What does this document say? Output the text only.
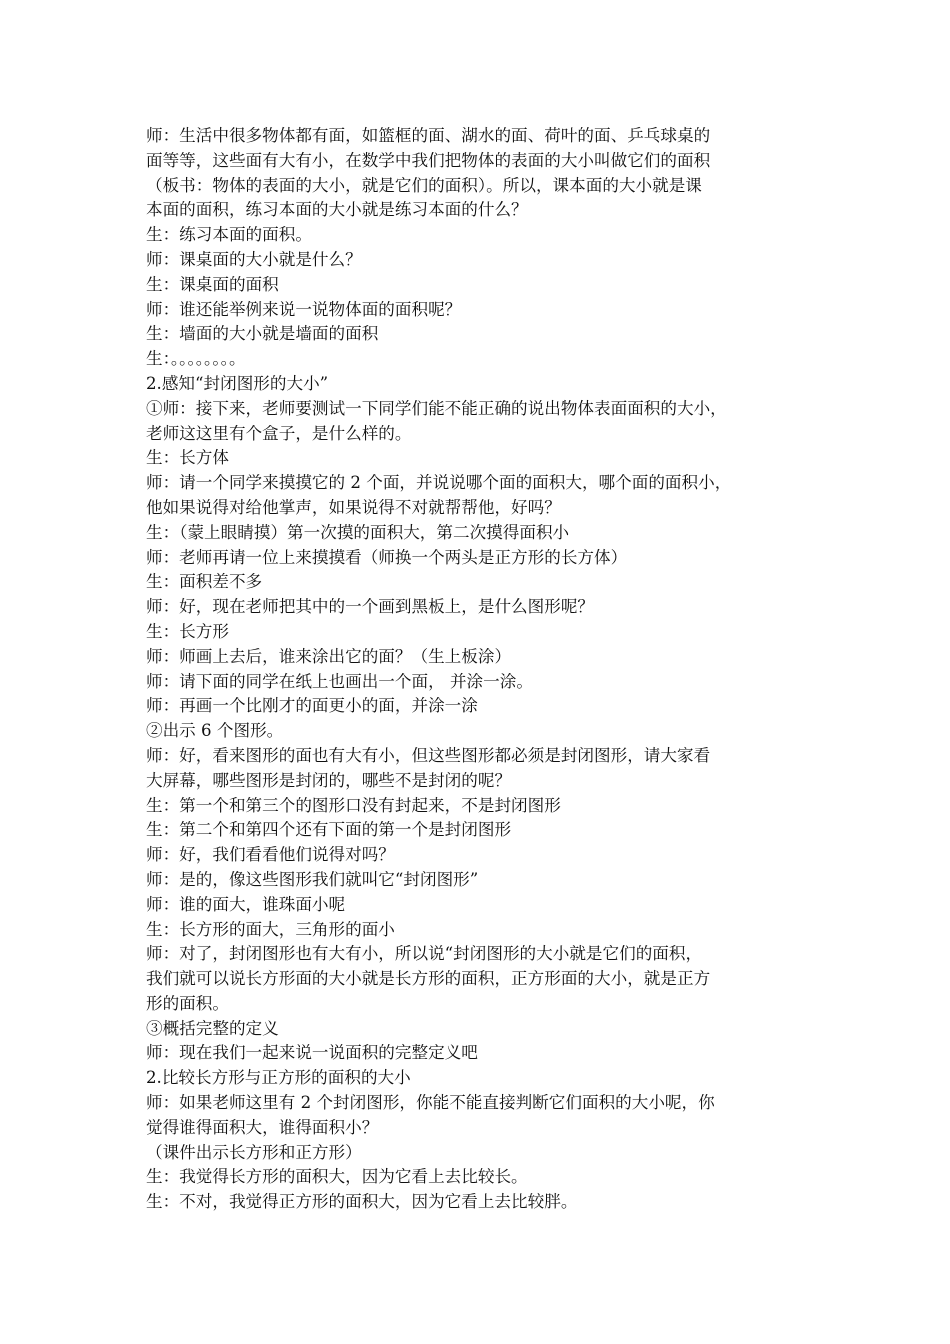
师：生活中很多物体都有面，如篮框的面、湖水的面、荷叶的面、乒乓球桌的
面等等，这些面有大有小，在数学中我们把物体的表面的大小叫做它们的面积
（板书：物体的表面的大小，就是它们的面积）。所以，课本面的大小就是课
本面的面积，练习本面的大小就是练习本面的什么？
生：练习本面的面积。
师：课桌面的大小就是什么？
生：课桌面的面积
师：谁还能举例来说一说物体面的面积呢？
生：墙面的大小就是墙面的面积
生：。。。。。。。。
2.感知“封闭图形的大小”
①师：接下来，老师要测试一下同学们能不能正确的说出物体表面面积的大小，
老师这这里有个盒子，是什么样的。
生：长方体
师：请一个同学来摸摸它的 2 个面，并说说哪个面的面积大，哪个面的面积小，
他如果说得对给他掌声，如果说得不对就帮帮他，好吗？
生：（蒙上眼睛摸）第一次摸的面积大，第二次摸得面积小
师：老师再请一位上来摸摸看（师换一个两头是正方形的长方体）
生：面积差不多
师：好，现在老师把其中的一个画到黑板上，是什么图形呢？
生：长方形
师：师画上去后，谁来涂出它的面？（生上板涂）
师：请下面的同学在纸上也画出一个面， 并涂一涂。
师：再画一个比刚才的面更小的面，并涂一涂
②出示 6 个图形。
师：好，看来图形的面也有大有小，但这些图形都必须是封闭图形，请大家看
大屏幕，哪些图形是封闭的，哪些不是封闭的呢？
生：第一个和第三个的图形口没有封起来，不是封闭图形
生：第二个和第四个还有下面的第一个是封闭图形
师：好，我们看看他们说得对吗？
师：是的，像这些图形我们就叫它“封闭图形”
师：谁的面大，谁珠面小呢
生：长方形的面大，三角形的面小
师：对了，封闭图形也有大有小，所以说“封闭图形的大小就是它们的面积，
我们就可以说长方形面的大小就是长方形的面积，正方形面的大小，就是正方
形的面积。
③概括完整的定义
师：现在我们一起来说一说面积的完整定义吧
2.比较长方形与正方形的面积的大小
师：如果老师这里有 2 个封闭图形，你能不能直接判断它们面积的大小呢，你
觉得谁得面积大，谁得面积小？
（课件出示长方形和正方形）
生：我觉得长方形的面积大，因为它看上去比较长。
生：不对，我觉得正方形的面积大，因为它看上去比较胖。
